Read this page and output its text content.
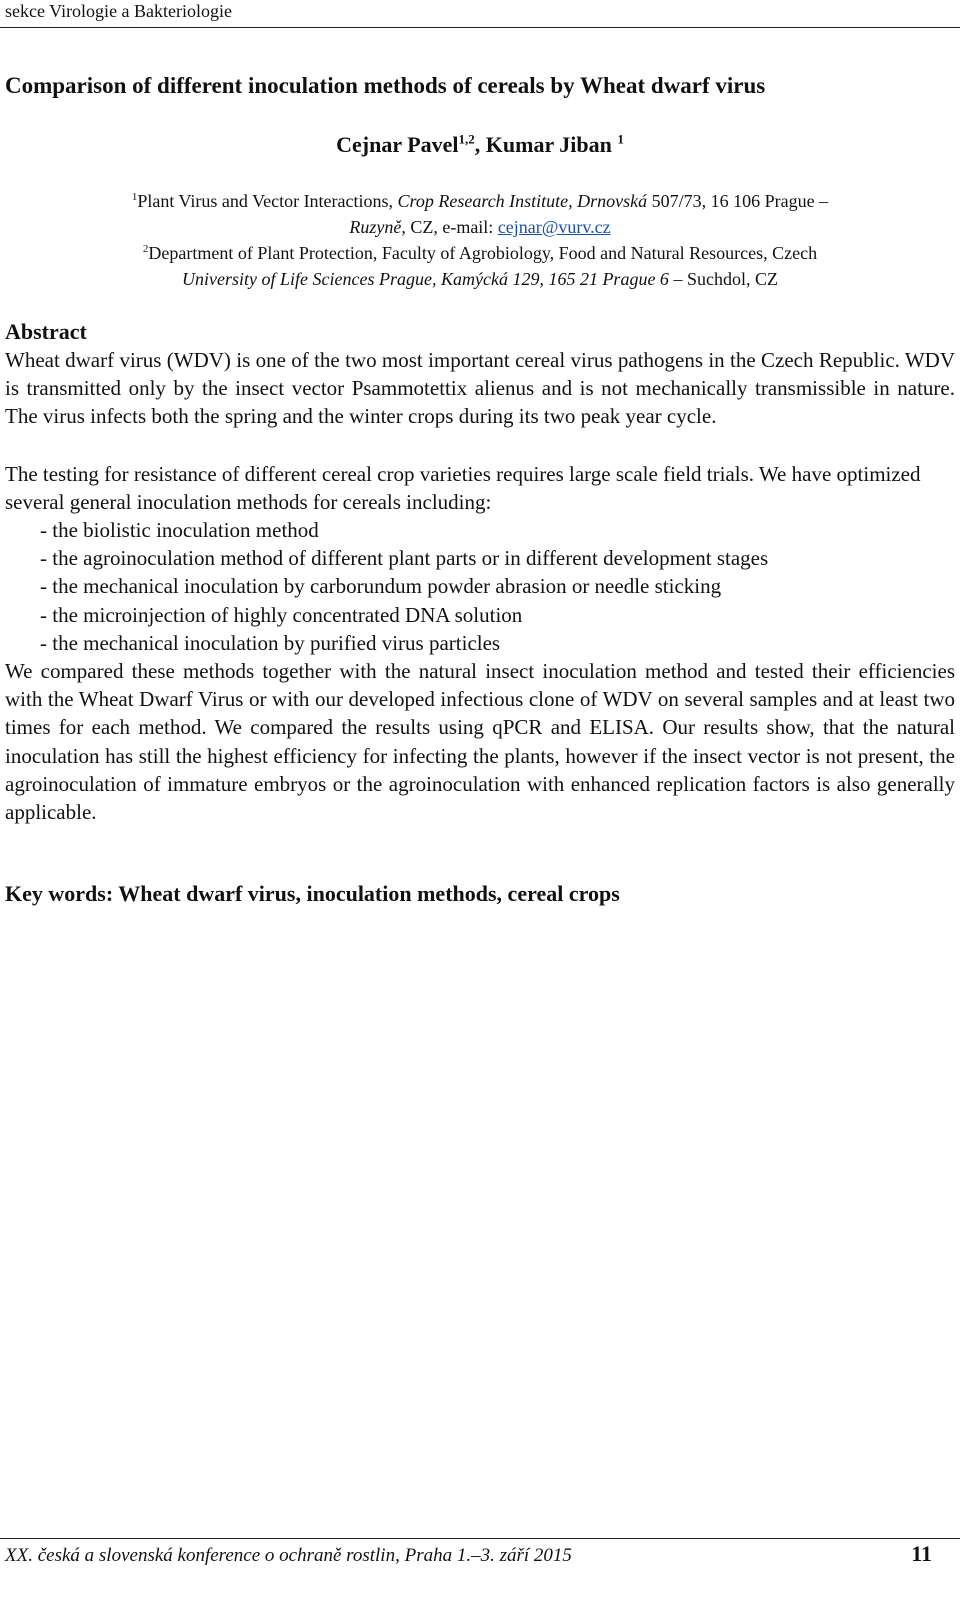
sekce Virologie a Bakteriologie
Comparison of different inoculation methods of cereals by Wheat dwarf virus
Cejnar Pavel$^{1,2}$, Kumar Jiban $^1$
$^1$Plant Virus and Vector Interactions, Crop Research Institute, Drnovská 507/73, 16 106 Prague –
Ruzyně, CZ, e-mail: cejnar@vurv.cz
$^2$Department of Plant Protection, Faculty of Agrobiology, Food and Natural Resources, Czech
University of Life Sciences Prague, Kamýcká 129, 165 21 Prague 6 – Suchdol, CZ
Abstract
Wheat dwarf virus (WDV) is one of the two most important cereal virus pathogens in the Czech Republic. WDV is transmitted only by the insect vector Psammotettix alienus and is not mechanically transmissible in nature. The virus infects both the spring and the winter crops during its two peak year cycle.
The testing for resistance of different cereal crop varieties requires large scale field trials. We have optimized several general inoculation methods for cereals including:
- the biolistic inoculation method
- the agroinoculation method of different plant parts or in different development stages
- the mechanical inoculation by carborundum powder abrasion or needle sticking
- the microinjection of highly concentrated DNA solution
- the mechanical inoculation by purified virus particles
We compared these methods together with the natural insect inoculation method and tested their efficiencies with the Wheat Dwarf Virus or with our developed infectious clone of WDV on several samples and at least two times for each method. We compared the results using qPCR and ELISA. Our results show, that the natural inoculation has still the highest efficiency for infecting the plants, however if the insect vector is not present, the agroinoculation of immature embryos or the agroinoculation with enhanced replication factors is also generally applicable.
Key words: Wheat dwarf virus, inoculation methods, cereal crops
XX. česká a slovenská konference o ochraně rostlin, Praha 1.–3. září 2015	11
